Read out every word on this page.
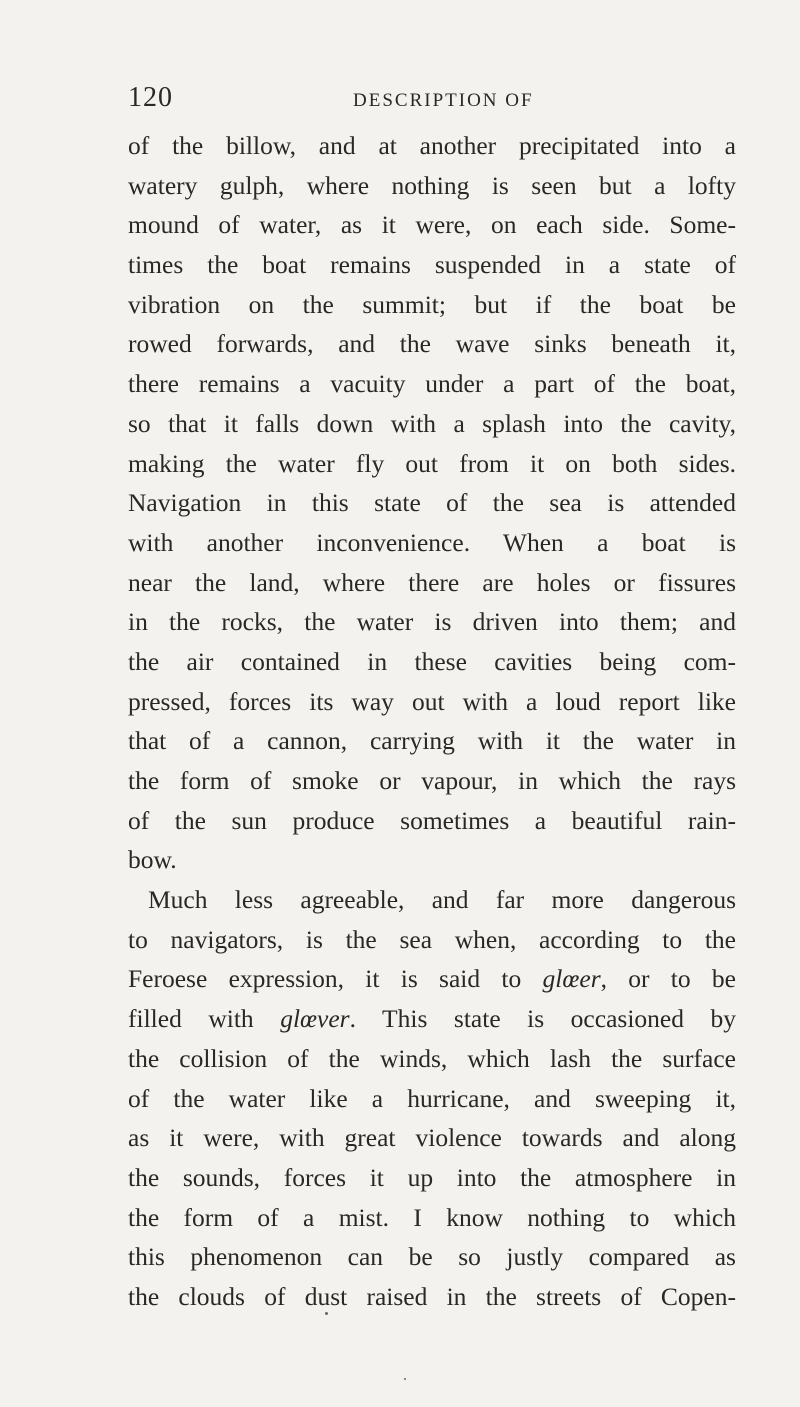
120	DESCRIPTION OF
of the billow, and at another precipitated into a
watery gulph, where nothing is seen but a lofty
mound of water, as it were, on each side. Some-
times the boat remains suspended in a state of
vibration on the summit; but if the boat be
rowed forwards, and the wave sinks beneath it,
there remains a vacuity under a part of the boat,
so that it falls down with a splash into the cavity,
making the water fly out from it on both sides.
Navigation in this state of the sea is attended
with another inconvenience. When a boat is
near the land, where there are holes or fissures
in the rocks, the water is driven into them; and
the air contained in these cavities being com-
pressed, forces its way out with a loud report like
that of a cannon, carrying with it the water in
the form of smoke or vapour, in which the rays
of the sun produce sometimes a beautiful rain-
bow.
Much less agreeable, and far more dangerous
to navigators, is the sea when, according to the
Feroese expression, it is said to glœer, or to be
filled with glœver. This state is occasioned by
the collision of the winds, which lash the surface
of the water like a hurricane, and sweeping it,
as it were, with great violence towards and along
the sounds, forces it up into the atmosphere in
the form of a mist. I know nothing to which
this phenomenon can be so justly compared as
the clouds of dust raised in the streets of Copen-
